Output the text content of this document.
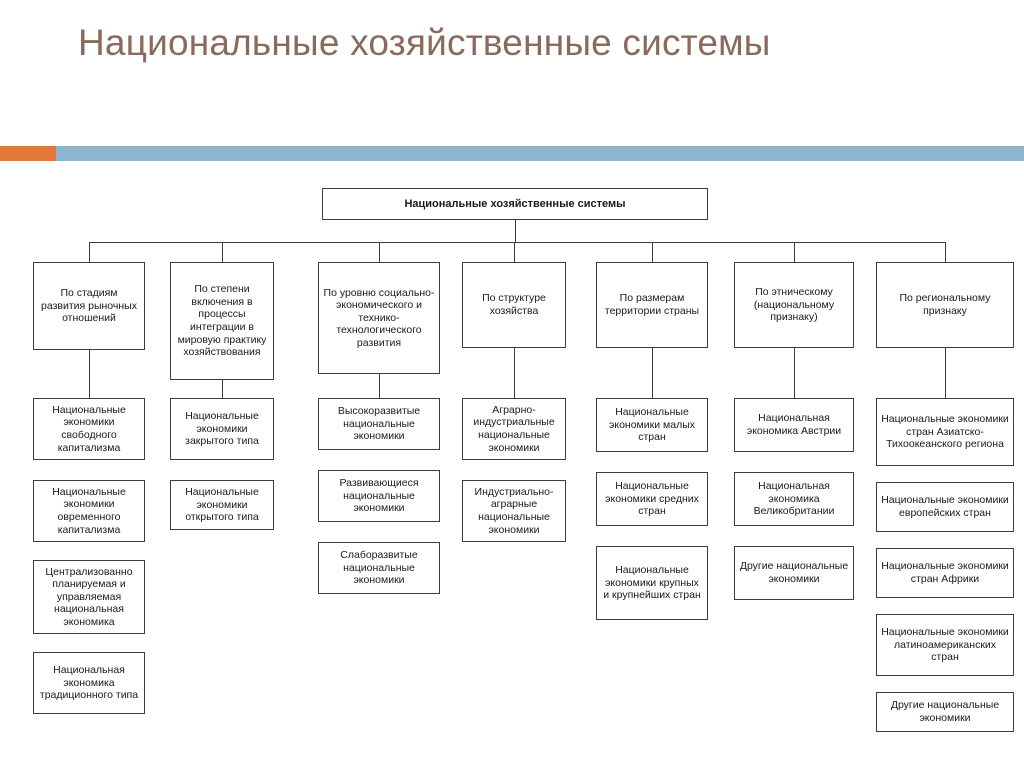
Национальные хозяйственные системы
Национальные хозяйственные системы
По стадиям развития рыночных отношений
Национальные экономики свободного капитализма
Национальные экономики овременного капитализма
Централизованно планируемая и управляемая национальная экономика
Национальная экономика традиционного типа
По степени включения в процессы интеграции в мировую практику хозяйствования
Национальные экономики закрытого типа
Национальные экономики открытого типа
По уровню социально-экономического и технико-технологического развития
Высокоразвитые национальные экономики
Развивающиеся национальные экономики
Слаборазвитые национальные экономики
По структуре хозяйства
Аграрно-индустриальные национальные экономики
Индустриально-аграрные национальные экономики
По размерам территории страны
Национальные экономики малых стран
Национальные экономики средних стран
Национальные экономики крупных и крупнейших стран
По этническому (национальному признаку)
Национальная экономика Австрии
Национальная экономика Великобритании
Другие национальные экономики
По региональному признаку
Национальные экономики стран Азиатско-Тихоокеанского региона
Национальные экономики европейских стран
Национальные экономики стран Африки
Национальные экономики латиноамериканских стран
Другие национальные экономики
